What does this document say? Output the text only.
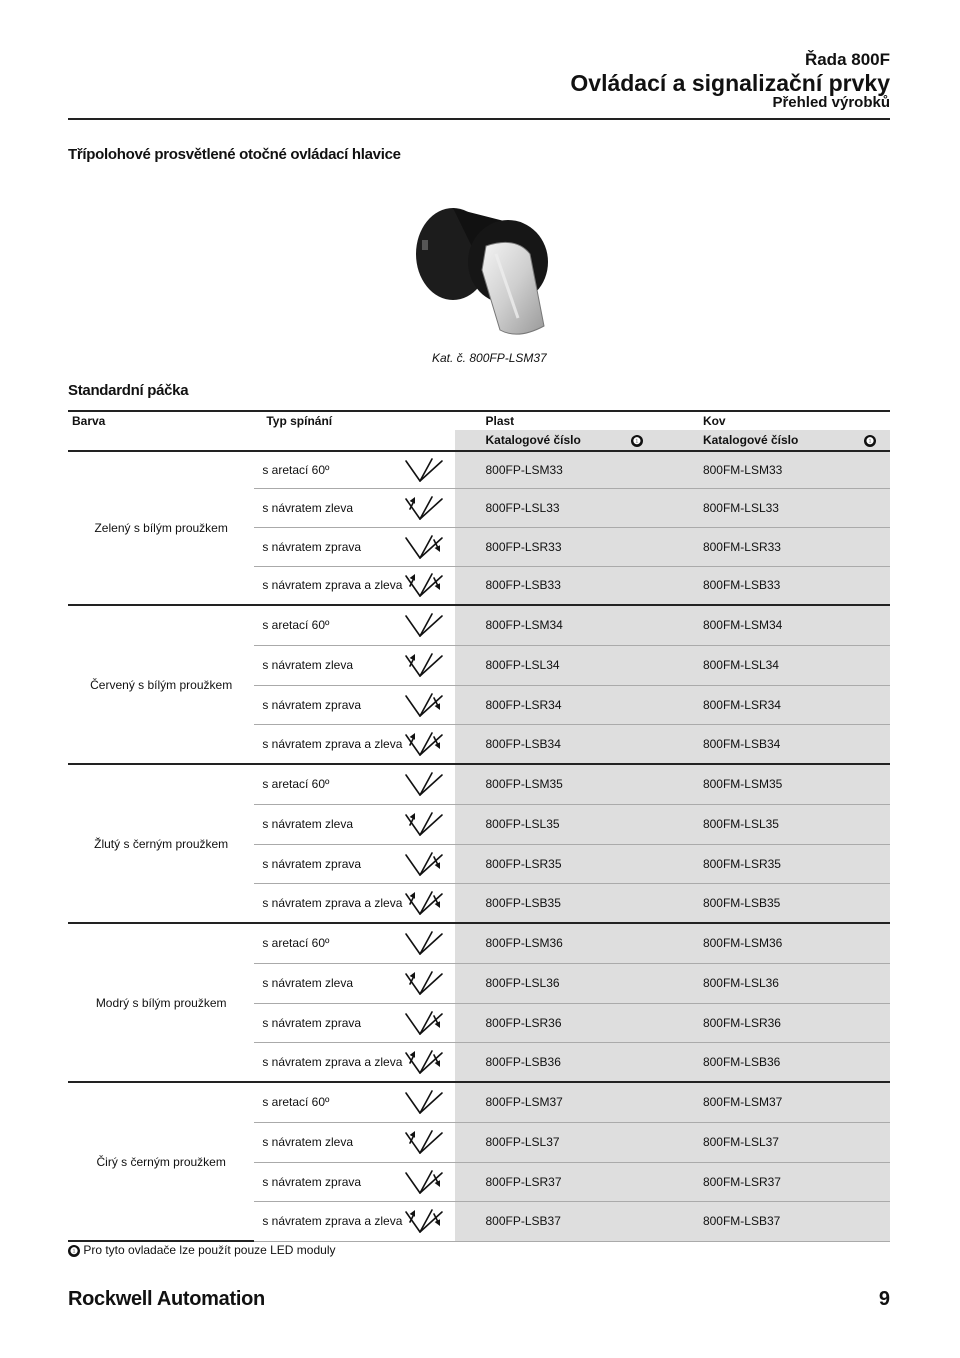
Řada 800F
Ovládací a signalizační prvky
Přehled výrobků
Třípolohové prosvětlené otočné ovládací hlavice
Kat. č. 800FP-LSM37
Standardní páčka
Barva	Typ spínání		Plast	Kov
			Katalogové číslo ❶	Katalogové číslo ❶

Zelený s bílým proužkem	s aretací 60º		800FP-LSM33	800FM-LSM33
	s návratem zleva		800FP-LSL33	800FM-LSL33
	s návratem zprava		800FP-LSR33	800FM-LSR33
	s návratem zprava a zleva		800FP-LSB33	800FM-LSB33
Červený s bílým proužkem	s aretací 60º		800FP-LSM34	800FM-LSM34
	s návratem zleva		800FP-LSL34	800FM-LSL34
	s návratem zprava		800FP-LSR34	800FM-LSR34
	s návratem zprava a zleva		800FP-LSB34	800FM-LSB34
Žlutý s černým proužkem	s aretací 60º		800FP-LSM35	800FM-LSM35
	s návratem zleva		800FP-LSL35	800FM-LSL35
	s návratem zprava		800FP-LSR35	800FM-LSR35
	s návratem zprava a zleva		800FP-LSB35	800FM-LSB35
Modrý s bílým proužkem	s aretací 60º		800FP-LSM36	800FM-LSM36
	s návratem zleva		800FP-LSL36	800FM-LSL36
	s návratem zprava		800FP-LSR36	800FM-LSR36
	s návratem zprava a zleva		800FP-LSB36	800FM-LSB36
Čirý s černým proužkem	s aretací 60º		800FP-LSM37	800FM-LSM37
	s návratem zleva		800FP-LSL37	800FM-LSL37
	s návratem zprava		800FP-LSR37	800FM-LSR37
	s návratem zprava a zleva		800FP-LSB37	800FM-LSB37
❶ Pro tyto ovladače lze použít pouze LED moduly
Rockwell Automation	9
